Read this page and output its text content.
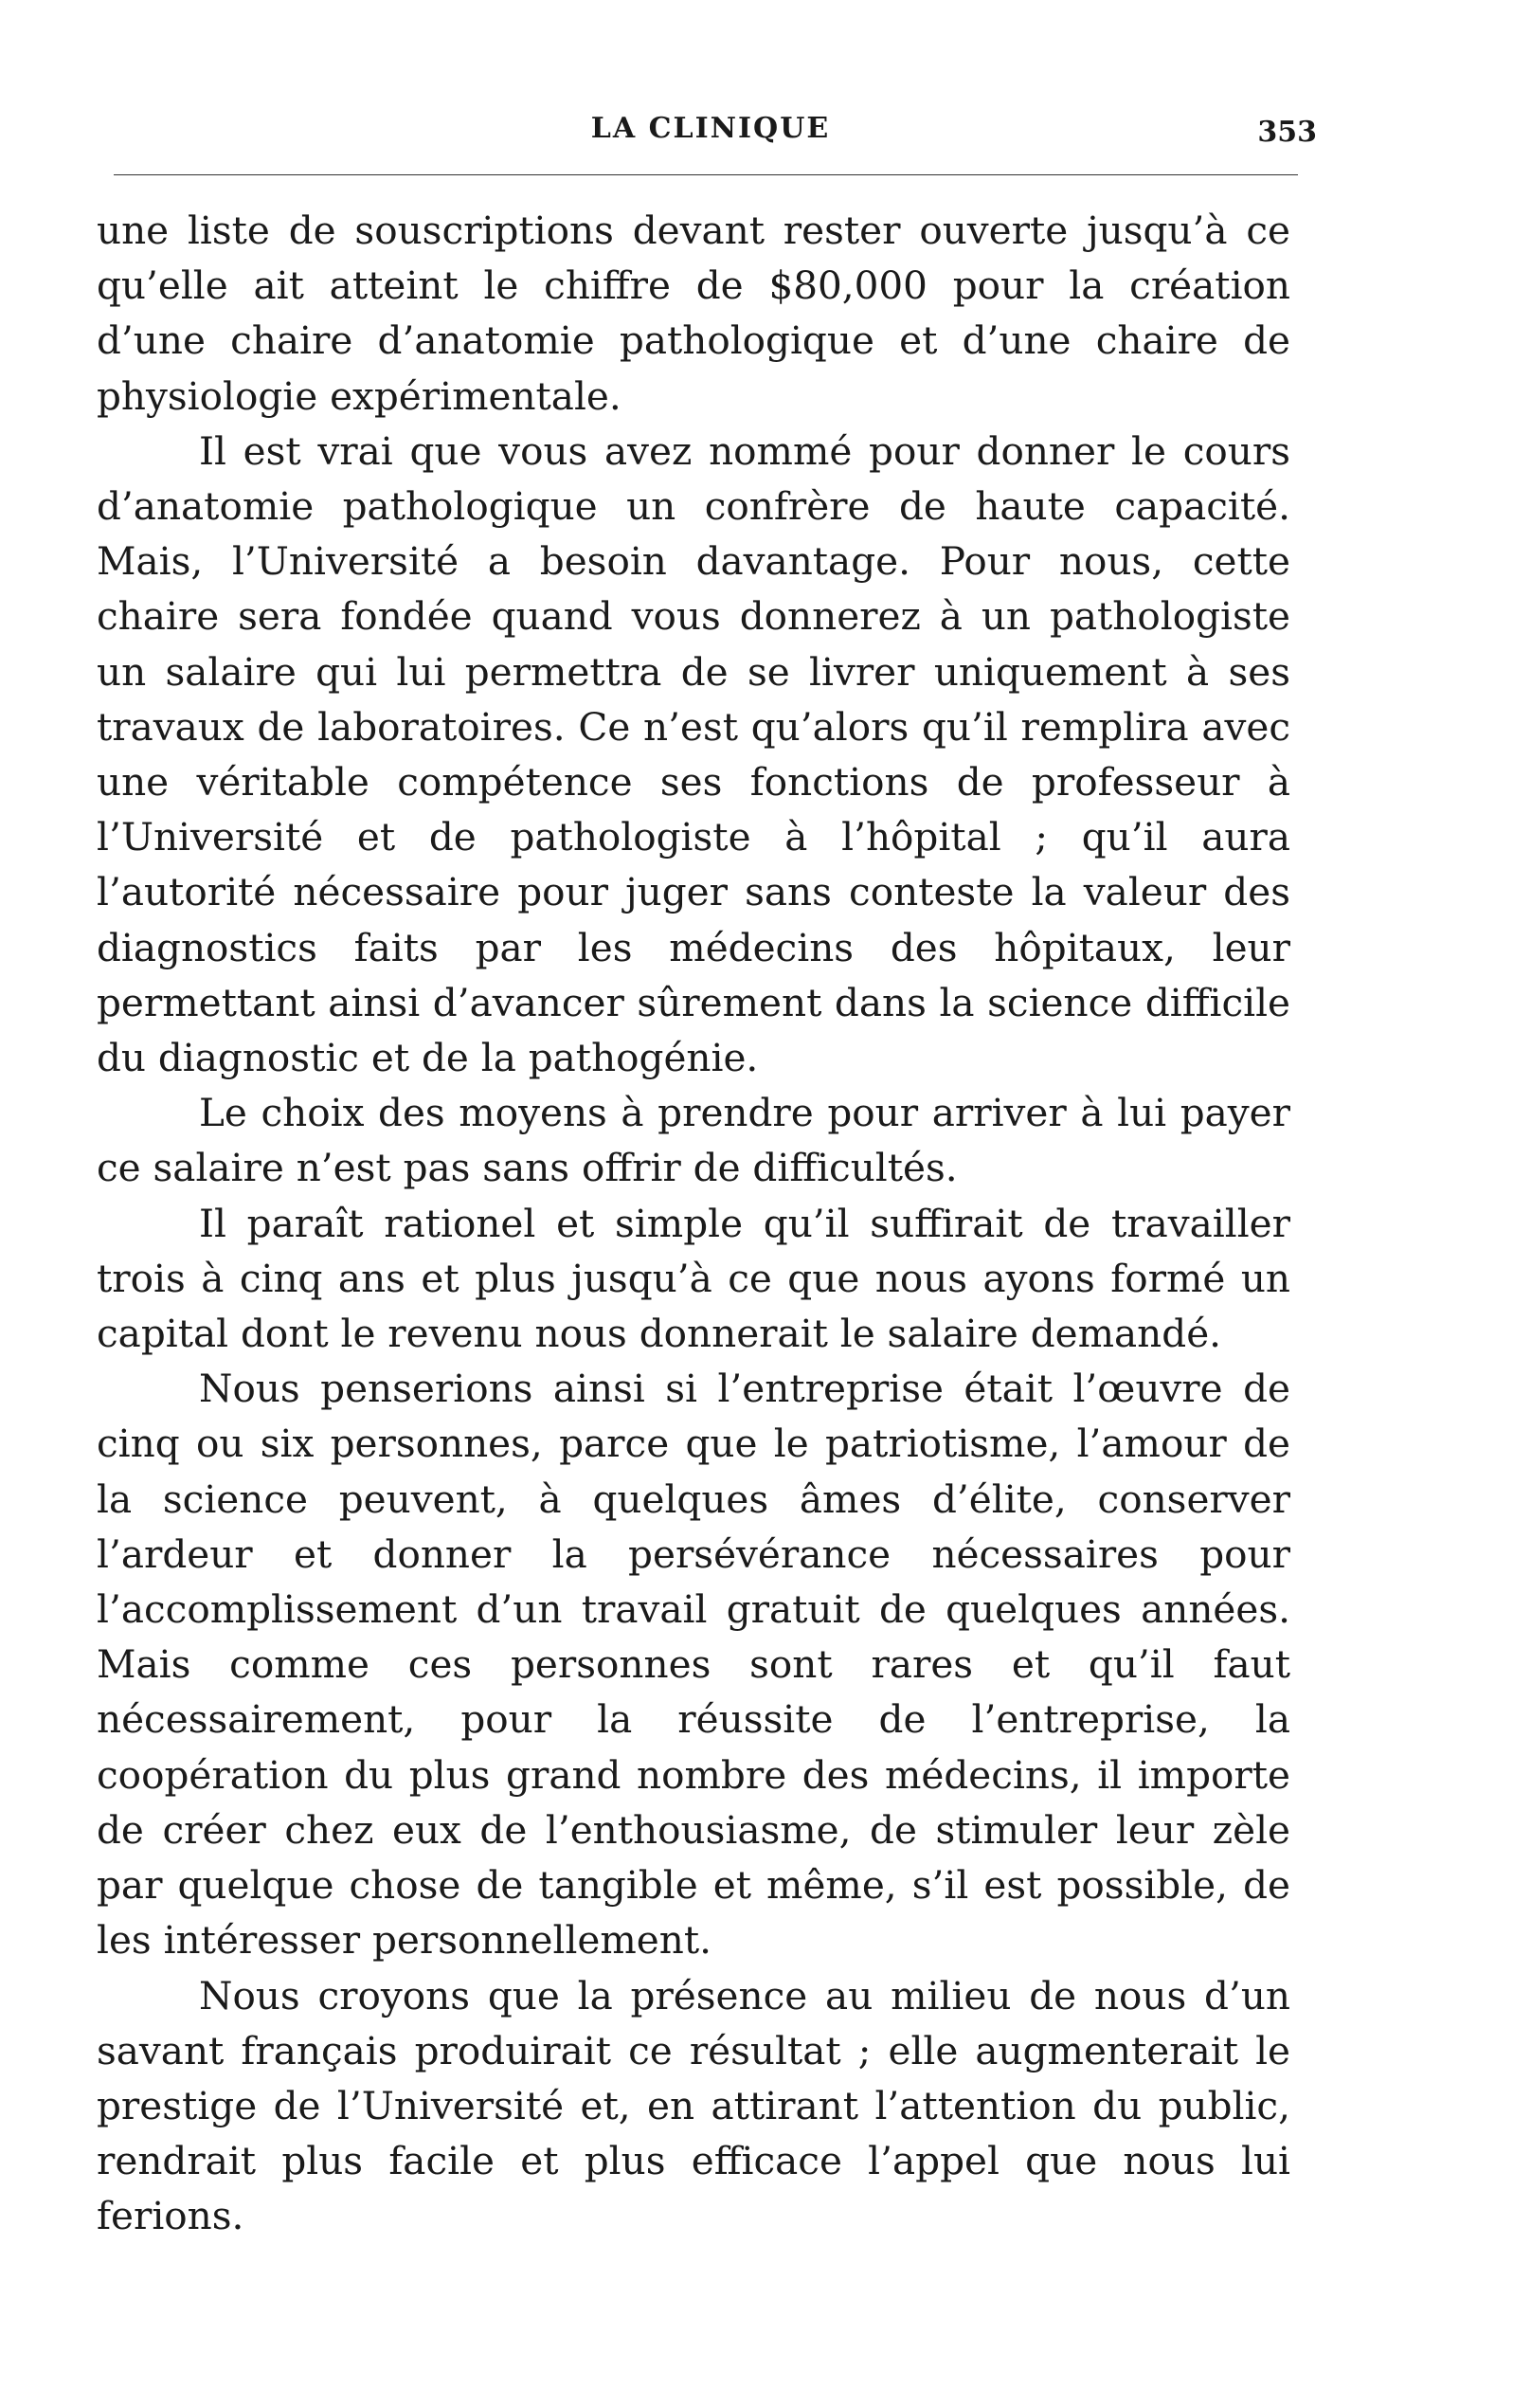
LA CLINIQUE	353

une liste de souscriptions devant rester ouverte jusqu’à ce qu’elle ait atteint le chiffre de $80,000 pour la création d’une chaire d’anatomie pathologique et d’une chaire de physiologie expérimentale.

Il est vrai que vous avez nommé pour donner le cours d’anatomie pathologique un confrère de haute capacité. Mais, l’Université a besoin davantage. Pour nous, cette chaire sera fondée quand vous donnerez à un pathologiste un salaire qui lui permettra de se livrer uniquement à ses travaux de laboratoires. Ce n’est qu’alors qu’il remplira avec une véritable compétence ses fonctions de professeur à l’Université et de pathologiste à l’hôpital ; qu’il aura l’autorité nécessaire pour juger sans conteste la valeur des diagnostics faits par les médecins des hôpitaux, leur permettant ainsi d’avancer sûrement dans la science difficile du diagnostic et de la pathogénie.

Le choix des moyens à prendre pour arriver à lui payer ce salaire n’est pas sans offrir de difficultés.

Il paraît rationel et simple qu’il suffirait de travailler trois à cinq ans et plus jusqu’à ce que nous ayons formé un capital dont le revenu nous donnerait le salaire demandé.

Nous penserions ainsi si l’entreprise était l’œuvre de cinq ou six personnes, parce que le patriotisme, l’amour de la science peuvent, à quelques âmes d’élite, conserver l’ardeur et donner la persévérance nécessaires pour l’accomplissement d’un travail gratuit de quelques années. Mais comme ces personnes sont rares et qu’il faut nécessairement, pour la réussite de l’entreprise, la coopération du plus grand nombre des médecins, il importe de créer chez eux de l’enthousiasme, de stimuler leur zèle par quelque chose de tangible et même, s’il est possible, de les intéresser personnellement.

Nous croyons que la présence au milieu de nous d’un savant français produirait ce résultat ; elle augmenterait le prestige de l’Université et, en attirant l’attention du public, rendrait plus facile et plus efficace l’appel que nous lui ferions.
